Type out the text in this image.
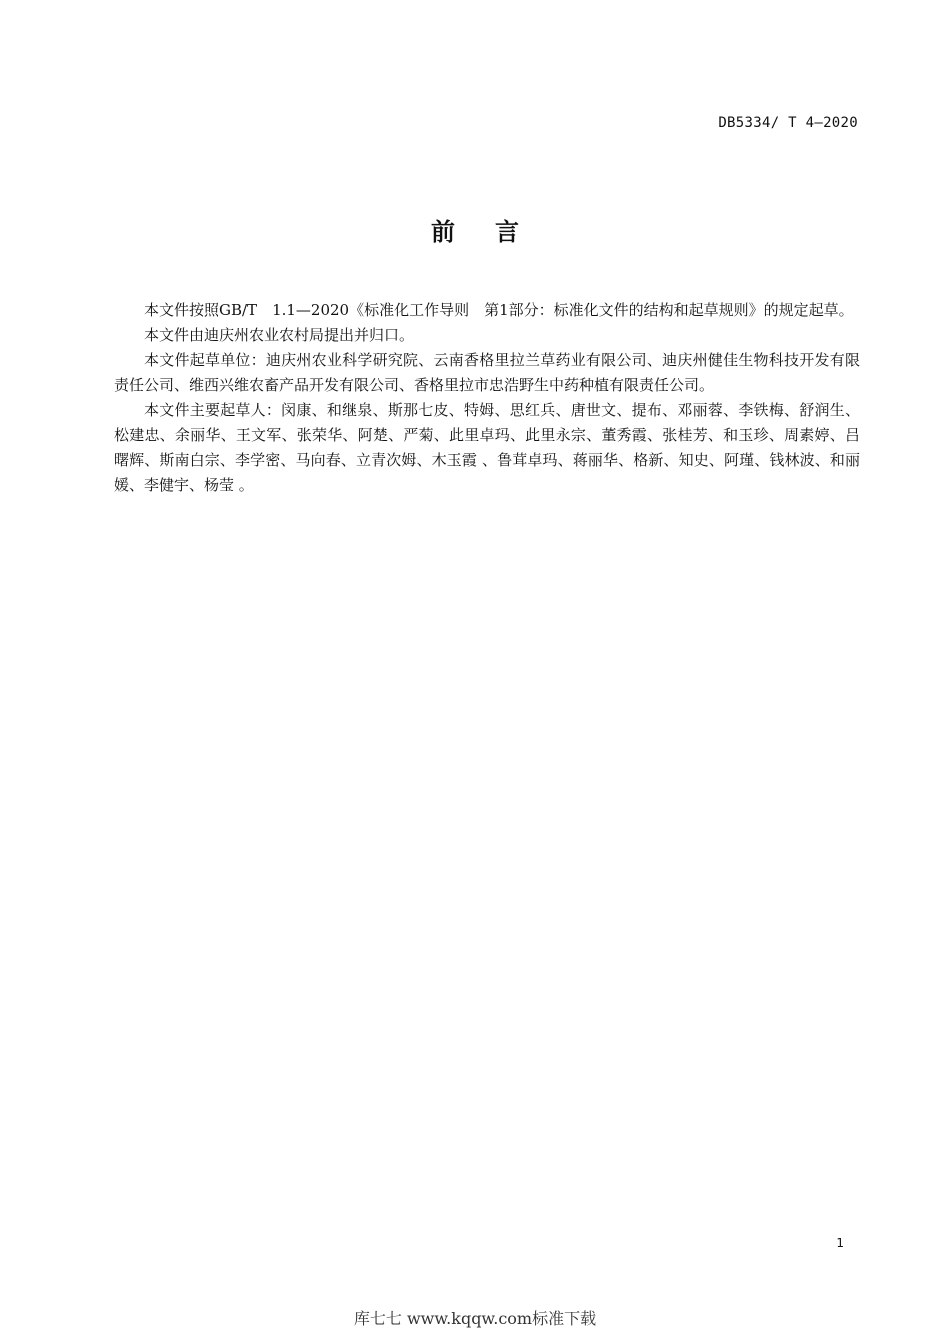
DB5334/ T 4—2020
前言

本文件按照GB/T　1.1—2020《标准化工作导则　第1部分：标准化文件的结构和起草规则》的规定起草。

本文件由迪庆州农业农村局提出并归口。

本文件起草单位：迪庆州农业科学研究院、云南香格里拉兰草药业有限公司、迪庆州健佳生物科技开发有限责任公司、维西兴维农畜产品开发有限公司、香格里拉市忠浩野生中药种植有限责任公司。

本文件主要起草人：闵康、和继泉、斯那七皮、特姆、思红兵、唐世文、提布、邓丽蓉、李铁梅、舒润生、松建忠、余丽华、王文军、张荣华、阿楚、严菊、此里卓玛、此里永宗、董秀霞、张桂芳、和玉珍、周素婷、吕曙辉、斯南白宗、李学密、马向春、立青次姆、木玉霞 、鲁茸卓玛、蒋丽华、格新、知史、阿瑾、钱林波、和丽媛、李健宇、杨莹 。

1
库七七 www.kqqw.com标准下载
